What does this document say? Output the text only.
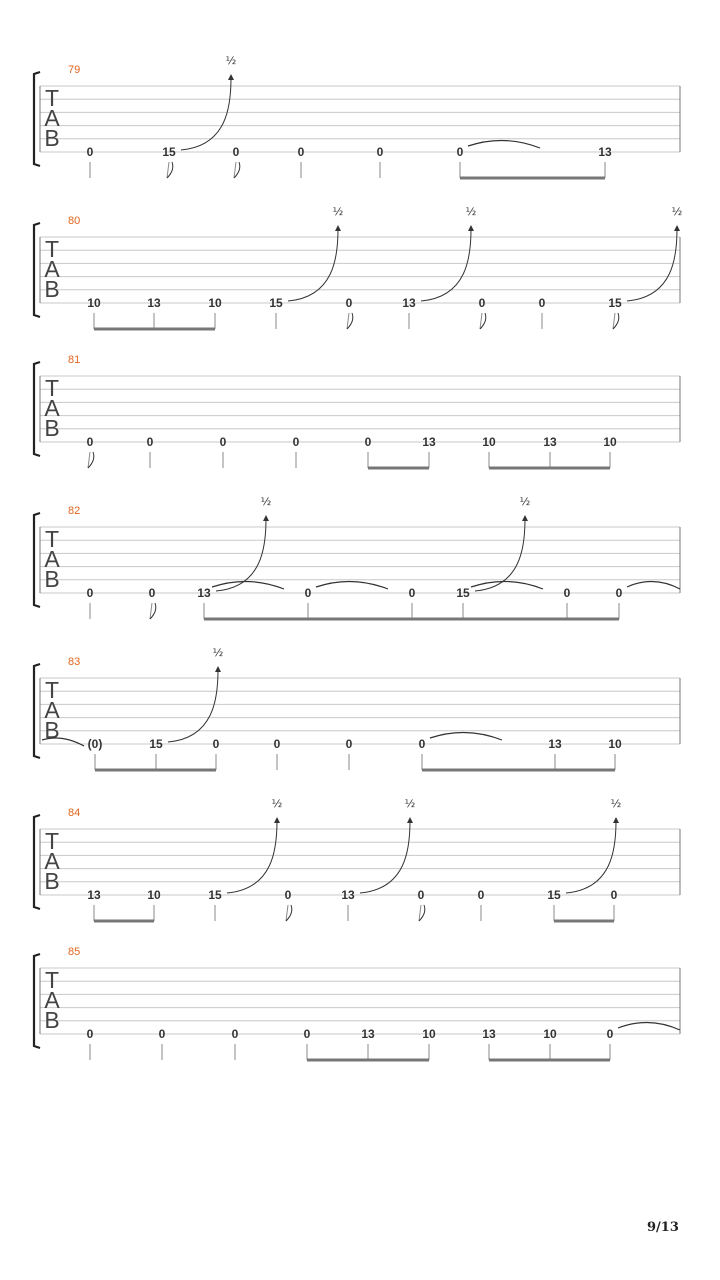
79
T
A
B
0	15
½
0	0	0	0	13
80
T
A
B
10	13	10	15
½
0	13
½
0	0	15
½
81
T
A
B
0	0	0	0	0	13	10	13	10
82
T
A
B
0	0	13
½
0	0	15
½
0	0
83
T
A
B
(0)	15
½
0	0	0	0	13	10
84
T
A
B
13	10	15
½
0	13
½
0	0	15
½
0
85
T
A
B
0	0	0	0	13	10	13	10	0
9/13
